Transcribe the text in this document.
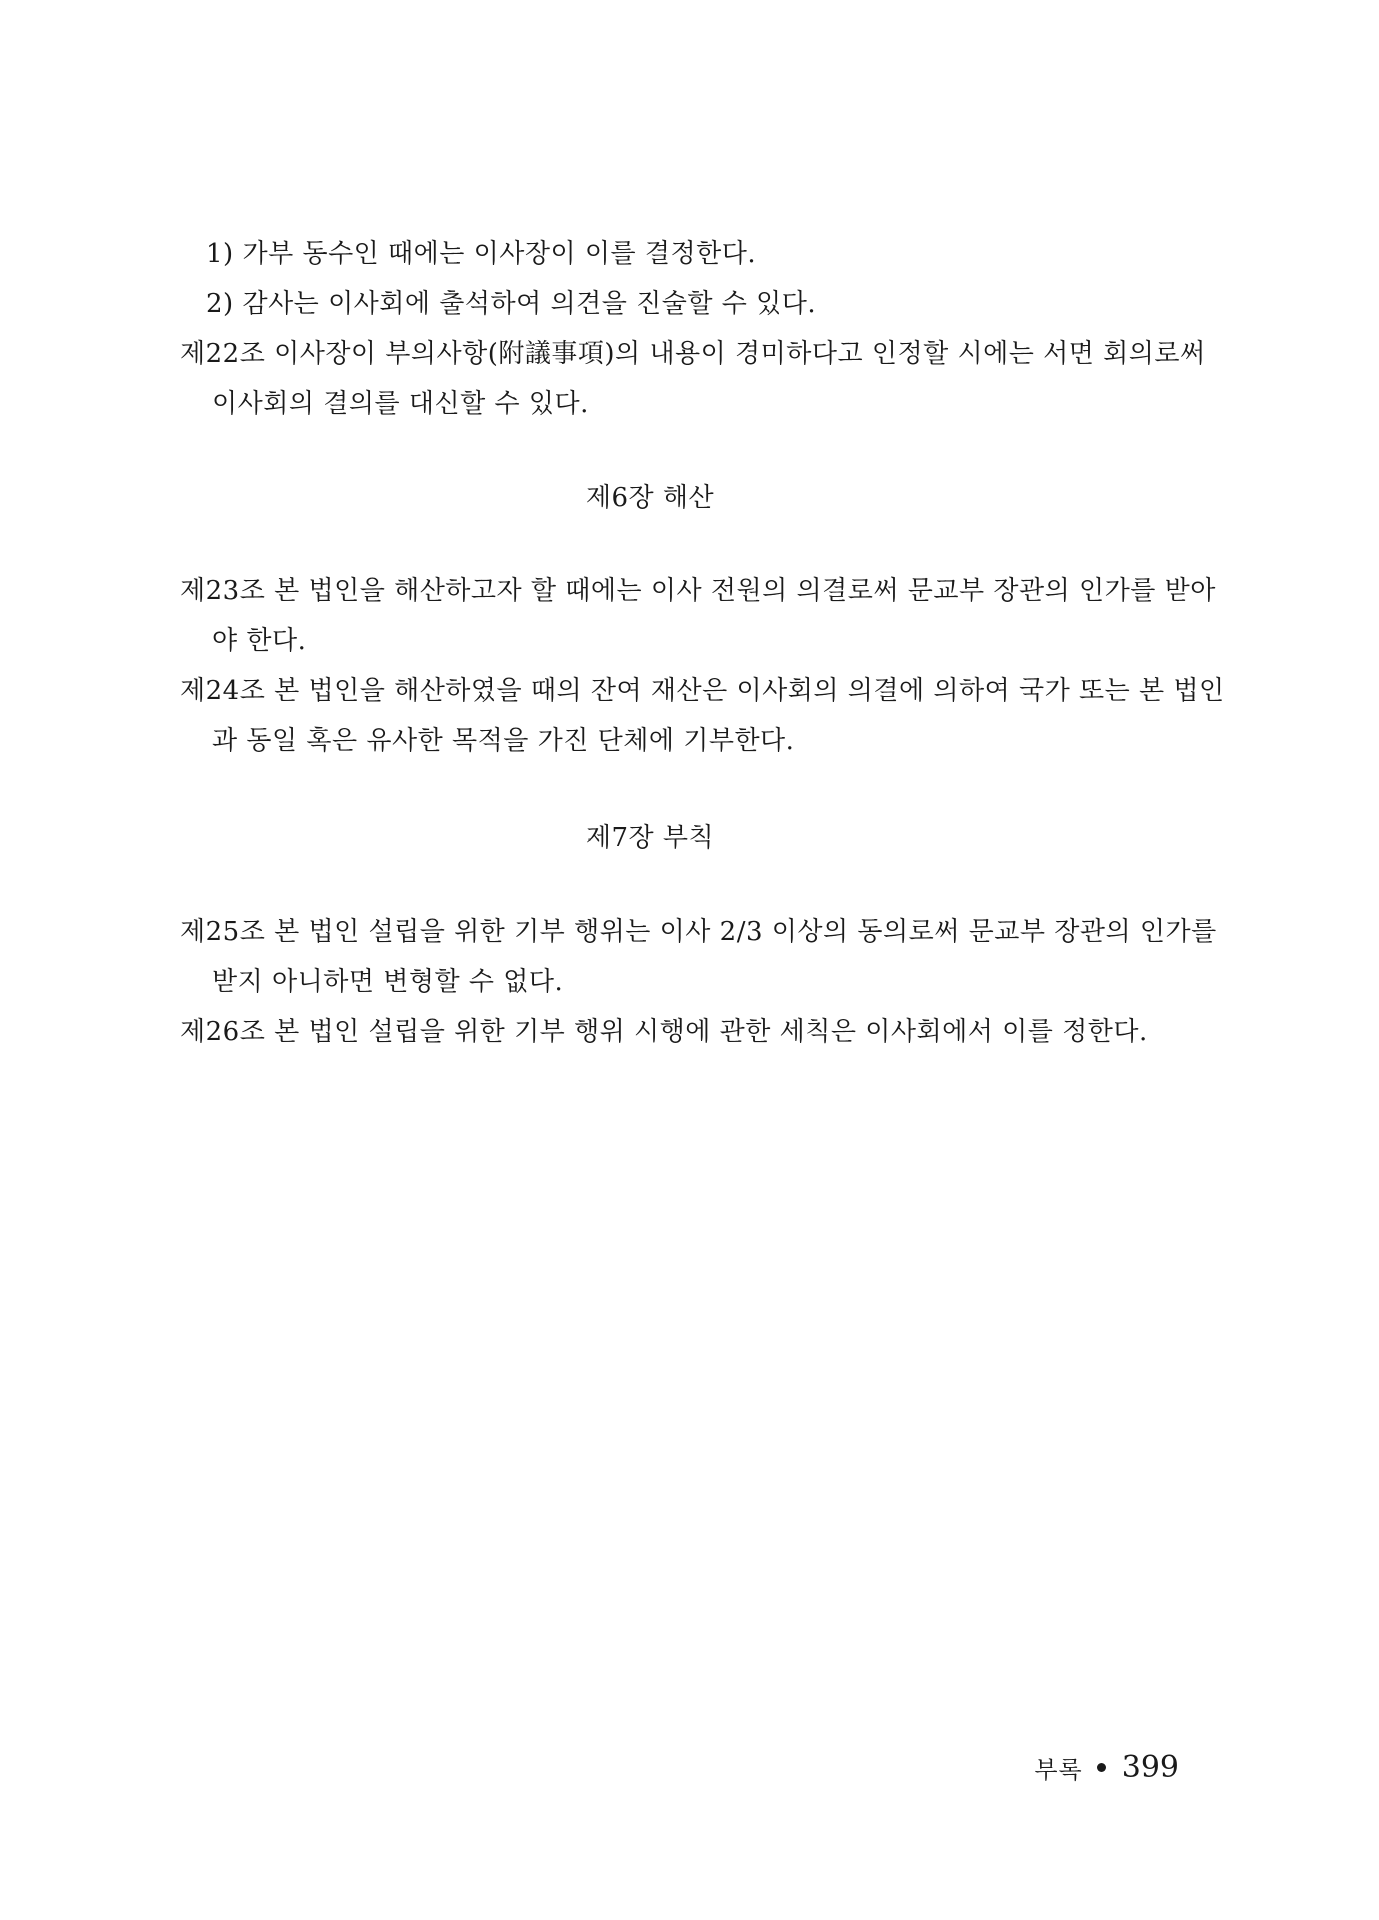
1) 가부 동수인 때에는 이사장이 이를 결정한다.
2) 감사는 이사회에 출석하여 의견을 진술할 수 있다.
제22조 이사장이 부의사항(附議事項)의 내용이 경미하다고 인정할 시에는 서면 회의로써
이사회의 결의를 대신할 수 있다.
제6장 해산
제23조 본 법인을 해산하고자 할 때에는 이사 전원의 의결로써 문교부 장관의 인가를 받아
야 한다.
제24조 본 법인을 해산하였을 때의 잔여 재산은 이사회의 의결에 의하여 국가 또는 본 법인
과 동일 혹은 유사한 목적을 가진 단체에 기부한다.
제7장 부칙
제25조 본 법인 설립을 위한 기부 행위는 이사 2/3 이상의 동의로써 문교부 장관의 인가를
받지 아니하면 변형할 수 없다.
제26조 본 법인 설립을 위한 기부 행위 시행에 관한 세칙은 이사회에서 이를 정한다.
부록 399
